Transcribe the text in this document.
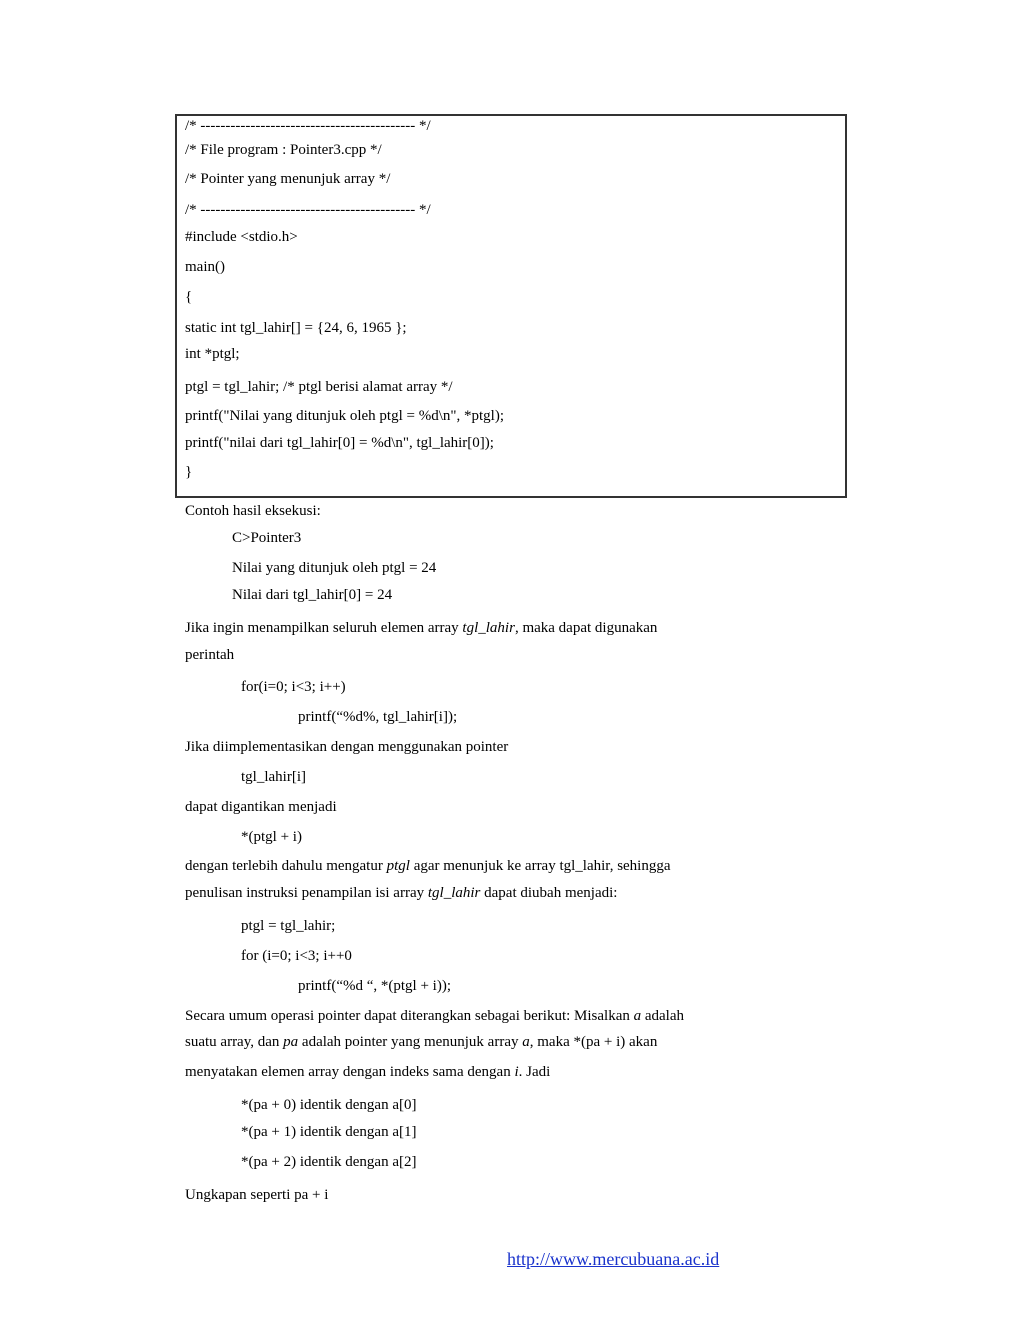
/* ------------------------------------------- */
/* File program : Pointer3.cpp */
/* Pointer yang menunjuk array */
/* ------------------------------------------- */
#include <stdio.h>
main()
{
static int tgl_lahir[] = {24, 6, 1965 };
int *ptgl;
ptgl = tgl_lahir; /* ptgl berisi alamat array */
printf("Nilai yang ditunjuk oleh ptgl = %d\n", *ptgl);
printf("nilai dari tgl_lahir[0] = %d\n", tgl_lahir[0]);
}
Contoh hasil eksekusi:
C>Pointer3
Nilai yang ditunjuk oleh ptgl = 24
Nilai dari tgl_lahir[0] = 24
Jika ingin menampilkan seluruh elemen array tgl_lahir, maka dapat digunakan
perintah
for(i=0; i<3; i++)
printf(“%d%, tgl_lahir[i]);
Jika diimplementasikan dengan menggunakan pointer
tgl_lahir[i]
dapat digantikan menjadi
*(ptgl + i)
dengan terlebih dahulu mengatur ptgl agar menunjuk ke array tgl_lahir, sehingga
penulisan instruksi penampilan isi array tgl_lahir dapat diubah menjadi:
ptgl = tgl_lahir;
for (i=0; i<3; i++0
printf(“%d “, *(ptgl + i));
Secara umum operasi pointer dapat diterangkan sebagai berikut: Misalkan a adalah
suatu array, dan pa adalah pointer yang menunjuk array a, maka *(pa + i) akan
menyatakan elemen array dengan indeks sama dengan i. Jadi
*(pa + 0) identik dengan a[0]
*(pa + 1) identik dengan a[1]
*(pa + 2) identik dengan a[2]
Ungkapan seperti pa + i
http://www.mercubuana.ac.id
